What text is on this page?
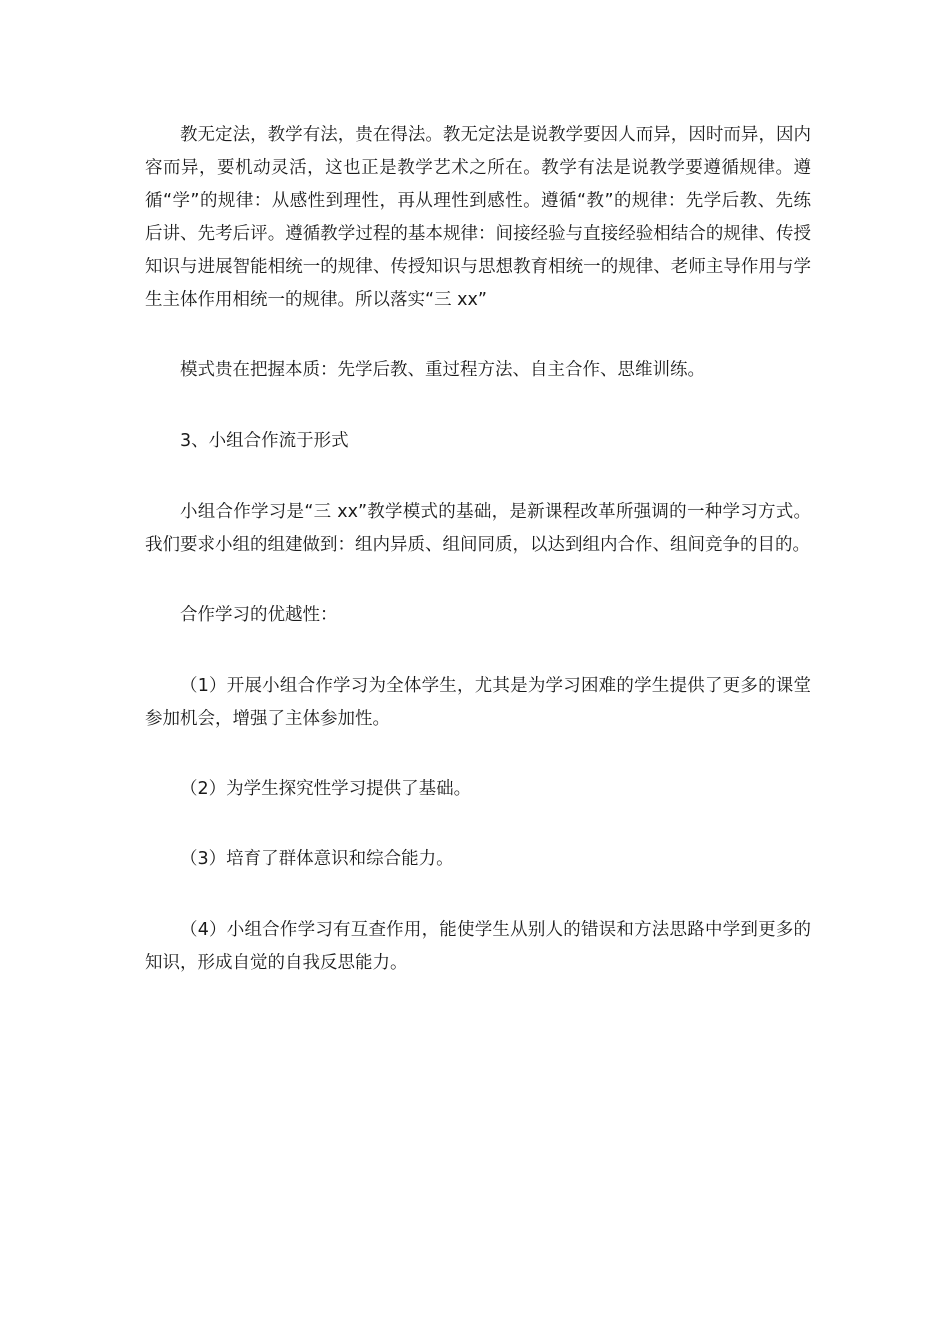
教无定法，教学有法，贵在得法。教无定法是说教学要因人而异，因时而异，因内容而异，要机动灵活，这也正是教学艺术之所在。教学有法是说教学要遵循规律。遵循“学”的规律：从感性到理性，再从理性到感性。遵循“教”的规律：先学后教、先练后讲、先考后评。遵循教学过程的基本规律：间接经验与直接经验相结合的规律、传授知识与进展智能相统一的规律、传授知识与思想教育相统一的规律、老师主导作用与学生主体作用相统一的规律。所以落实“三 xx”

模式贵在把握本质：先学后教、重过程方法、自主合作、思维训练。

3、小组合作流于形式

小组合作学习是“三 xx”教学模式的基础，是新课程改革所强调的一种学习方式。我们要求小组的组建做到：组内异质、组间同质，以达到组内合作、组间竞争的目的。

合作学习的优越性：

（1）开展小组合作学习为全体学生，尤其是为学习困难的学生提供了更多的课堂参加机会，增强了主体参加性。

（2）为学生探究性学习提供了基础。

（3）培育了群体意识和综合能力。

（4）小组合作学习有互查作用，能使学生从别人的错误和方法思路中学到更多的知识，形成自觉的自我反思能力。
